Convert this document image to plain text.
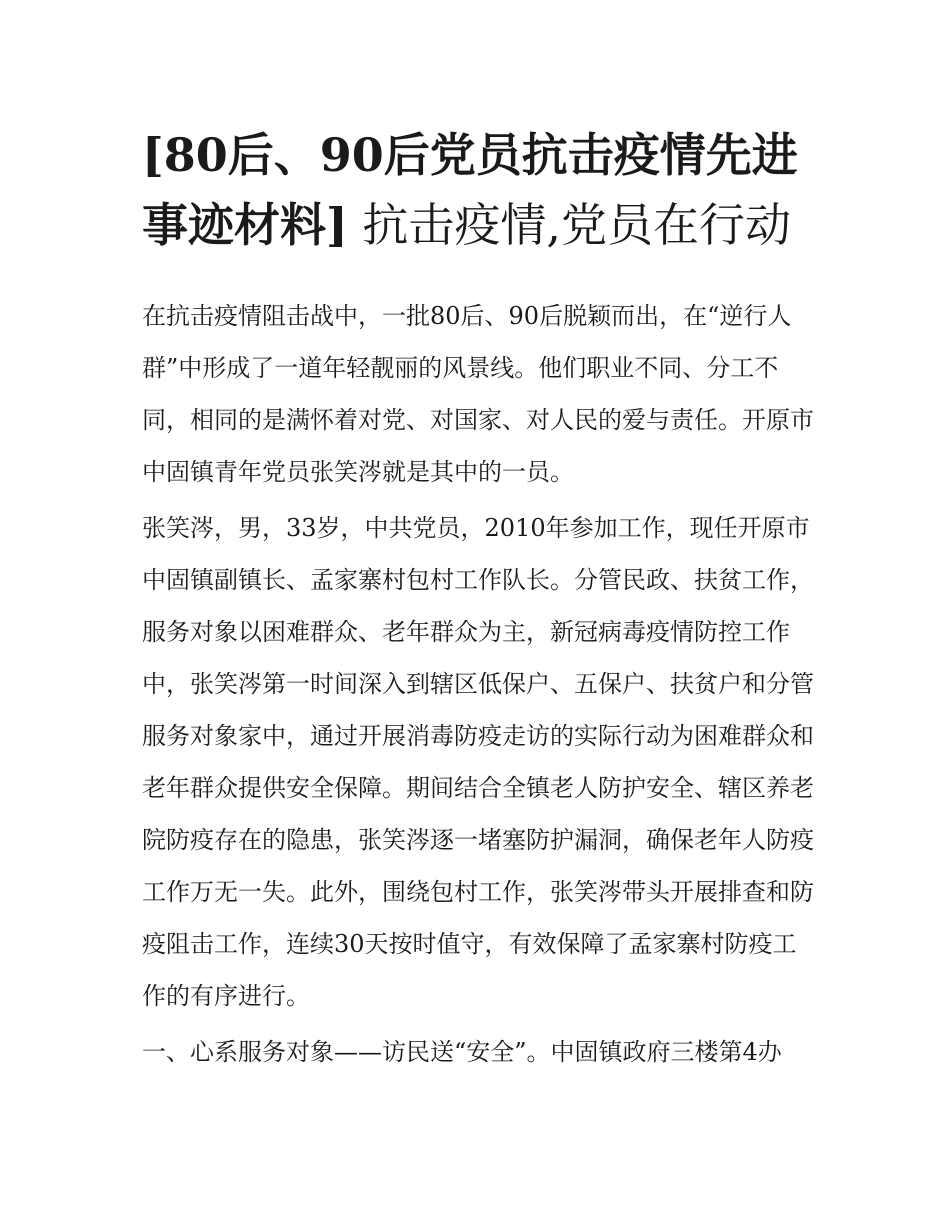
[80后、90后党员抗击疫情先进事迹材料] 抗击疫情,党员在行动

在抗击疫情阻击战中，一批80后、90后脱颖而出，在“逆行人群”中形成了一道年轻靓丽的风景线。他们职业不同、分工不同，相同的是满怀着对党、对国家、对人民的爱与责任。开原市中固镇青年党员张笑涔就是其中的一员。

张笑涔，男，33岁，中共党员，2010年参加工作，现任开原市中固镇副镇长、孟家寨村包村工作队长。分管民政、扶贫工作，服务对象以困难群众、老年群众为主，新冠病毒疫情防控工作中，张笑涔第一时间深入到辖区低保户、五保户、扶贫户和分管服务对象家中，通过开展消毒防疫走访的实际行动为困难群众和老年群众提供安全保障。期间结合全镇老人防护安全、辖区养老院防疫存在的隐患，张笑涔逐一堵塞防护漏洞，确保老年人防疫工作万无一失。此外，围绕包村工作，张笑涔带头开展排查和防疫阻击工作，连续30天按时值守，有效保障了孟家寨村防疫工作的有序进行。

一、心系服务对象——访民送“安全”。中固镇政府三楼第4办
